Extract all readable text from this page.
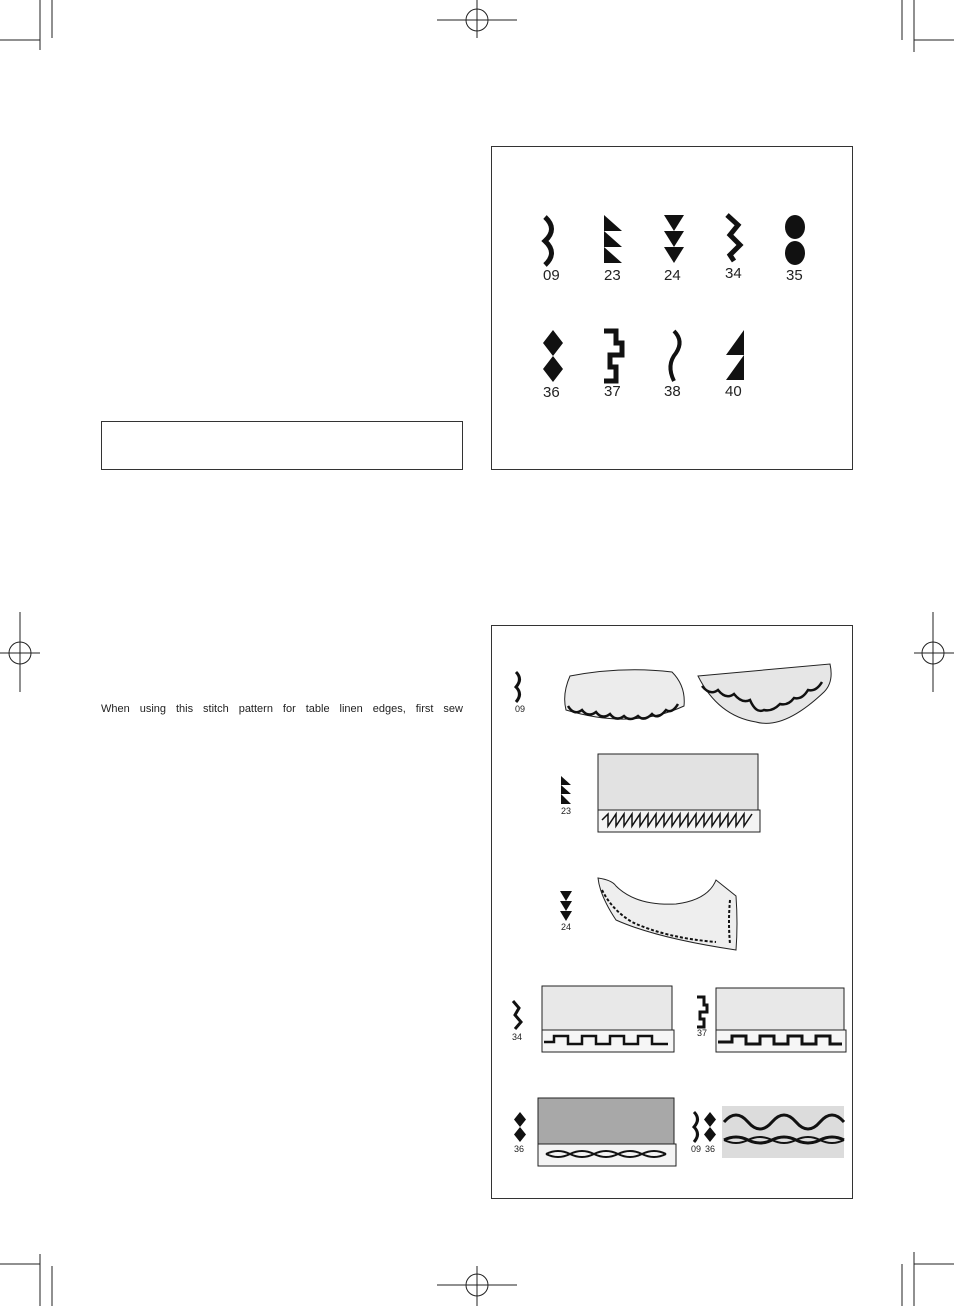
When using this stitch pattern for table linen edges, first sew
09	23	24	34	35
36	37	38	40
09
23
24
34	37
36	09 36
